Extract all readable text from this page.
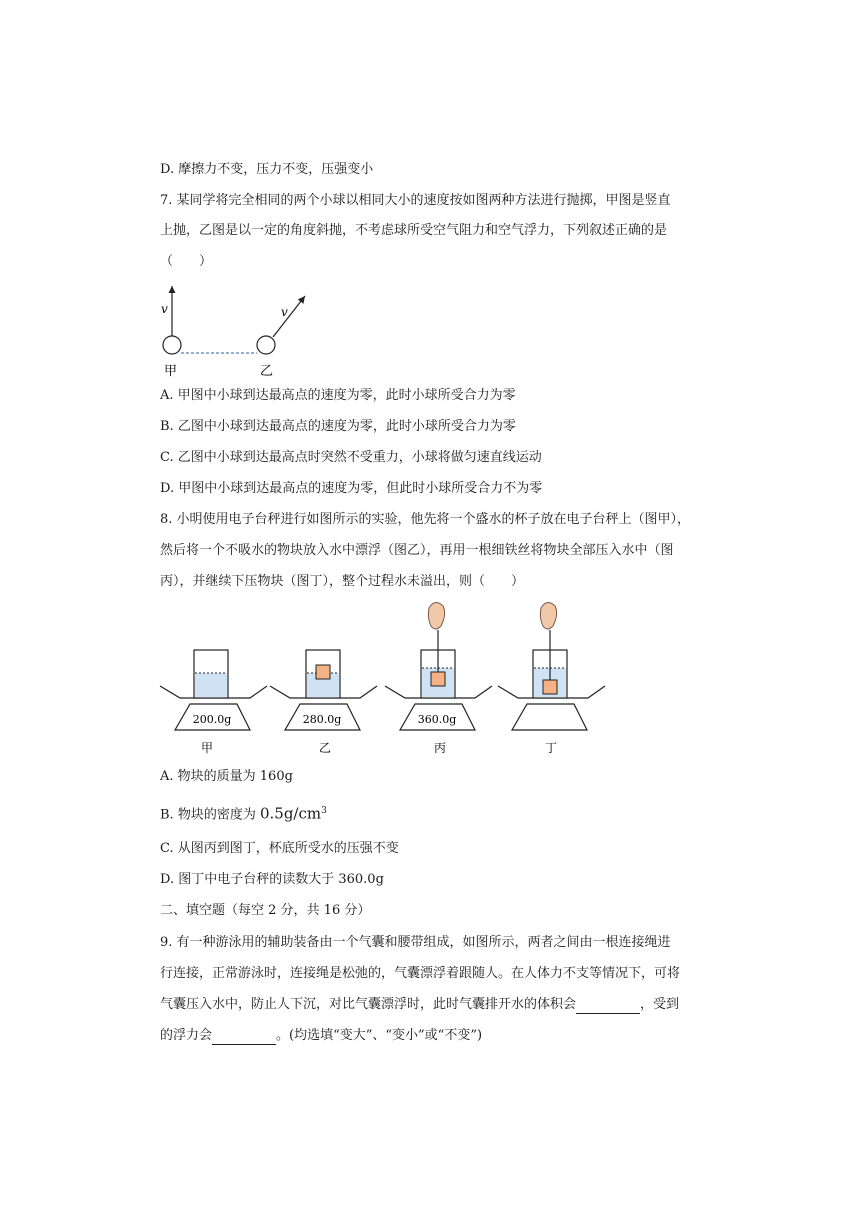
D. 摩擦力不变，压力不变，压强变小
7. 某同学将完全相同的两个小球以相同大小的速度按如图两种方法进行抛掷，甲图是竖直
上抛，乙图是以一定的角度斜抛，不考虑球所受空气阻力和空气浮力，下列叙述正确的是
（　　）
v	v
甲	乙
A. 甲图中小球到达最高点的速度为零，此时小球所受合力为零
B. 乙图中小球到达最高点的速度为零，此时小球所受合力为零
C. 乙图中小球到达最高点时突然不受重力，小球将做匀速直线运动
D. 甲图中小球到达最高点的速度为零，但此时小球所受合力不为零
8. 小明使用电子台秤进行如图所示的实验，他先将一个盛水的杯子放在电子台秤上（图甲），
然后将一个不吸水的物块放入水中漂浮（图乙），再用一根细铁丝将物块全部压入水中（图
丙），并继续下压物块（图丁），整个过程水未溢出，则（　　）
200.0g
甲
280.0g
乙
360.0g
丙	丁
A. 物块的质量为 160g
B. 物块的密度为 $0.5g/cm^3$
C. 从图丙到图丁，杯底所受水的压强不变
D. 图丁中电子台秤的读数大于 360.0g
二、填空题（每空 2 分，共 16 分）
9. 有一种游泳用的辅助装备由一个气囊和腰带组成，如图所示，两者之间由一根连接绳进
行连接，正常游泳时，连接绳是松弛的，气囊漂浮着跟随人。在人体力不支等情况下，可将
气囊压入水中，防止人下沉，对比气囊漂浮时，此时气囊排开水的体积会	，受到
的浮力会	。(均选填“变大”、“变小”或“不变”)
